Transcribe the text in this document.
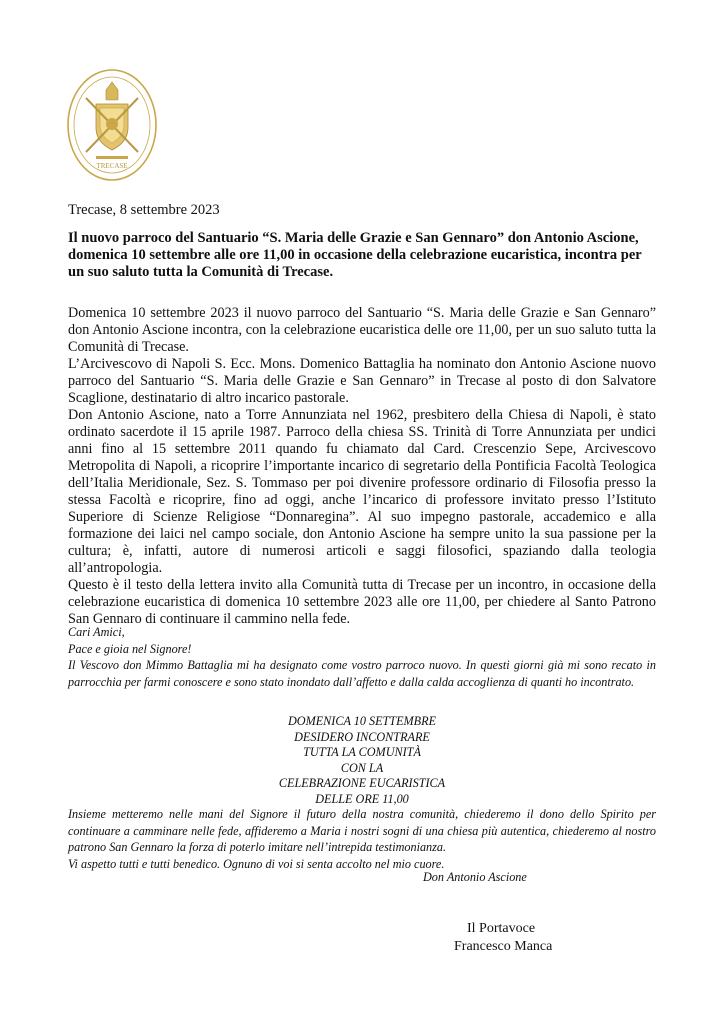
TRECASE
Trecase, 8 settembre 2023

Il nuovo parroco del Santuario “S. Maria delle Grazie e San Gennaro” don Antonio Ascione, domenica 10 settembre alle ore 11,00 in occasione della celebrazione eucaristica, incontra per un suo saluto tutta la Comunità di Trecase.

Domenica 10 settembre 2023 il nuovo parroco del Santuario “S. Maria delle Grazie e San Gennaro” don Antonio Ascione incontra, con la celebrazione eucaristica delle ore 11,00, per un suo saluto tutta la Comunità di Trecase.

L’Arcivescovo di Napoli S. Ecc. Mons. Domenico Battaglia ha nominato don Antonio Ascione nuovo parroco del Santuario “S. Maria delle Grazie e San Gennaro” in Trecase al posto di don Salvatore Scaglione, destinatario di altro incarico pastorale.

Don Antonio Ascione, nato a Torre Annunziata nel 1962, presbitero della Chiesa di Napoli, è stato ordinato sacerdote il 15 aprile 1987. Parroco della chiesa SS. Trinità di Torre Annunziata per undici anni fino al 15 settembre 2011 quando fu chiamato dal Card. Crescenzio Sepe, Arcivescovo Metropolita di Napoli, a ricoprire l’importante incarico di segretario della Pontificia Facoltà Teologica dell’Italia Meridionale, Sez. S. Tommaso per poi divenire professore ordinario di Filosofia presso la stessa Facoltà e ricoprire, fino ad oggi, anche l’incarico di professore invitato presso l’Istituto Superiore di Scienze Religiose “Donnaregina”. Al suo impegno pastorale, accademico e alla formazione dei laici nel campo sociale, don Antonio Ascione ha sempre unito la sua passione per la cultura; è, infatti, autore di numerosi articoli e saggi filosofici, spaziando dalla teologia all’antropologia.

Questo è il testo della lettera invito alla Comunità tutta di Trecase per un incontro, in occasione della celebrazione eucaristica di domenica 10 settembre 2023 alle ore 11,00, per chiedere al Santo Patrono San Gennaro di continuare il cammino nella fede.

Cari Amici,

Pace e gioia nel Signore!

Il Vescovo don Mimmo Battaglia mi ha designato come vostro parroco nuovo. In questi giorni già mi sono recato in parrocchia per farmi conoscere e sono stato inondato dall’affetto e dalla calda accoglienza di quanti ho incontrato.

DOMENICA 10 SETTEMBRE
DESIDERO INCONTRARE
TUTTA LA COMUNITÀ
CON LA
CELEBRAZIONE EUCARISTICA
DELLE ORE 11,00

Insieme metteremo nelle mani del Signore il futuro della nostra comunità, chiederemo il dono dello Spirito per continuare a camminare nelle fede, affideremo a Maria i nostri sogni di una chiesa più autentica, chiederemo al nostro patrono San Gennaro la forza di poterlo imitare nell’intrepida testimonianza.

Vi aspetto tutti e tutti benedico. Ognuno di voi si senta accolto nel mio cuore.

Don Antonio Ascione
Il Portavoce
Francesco Manca
